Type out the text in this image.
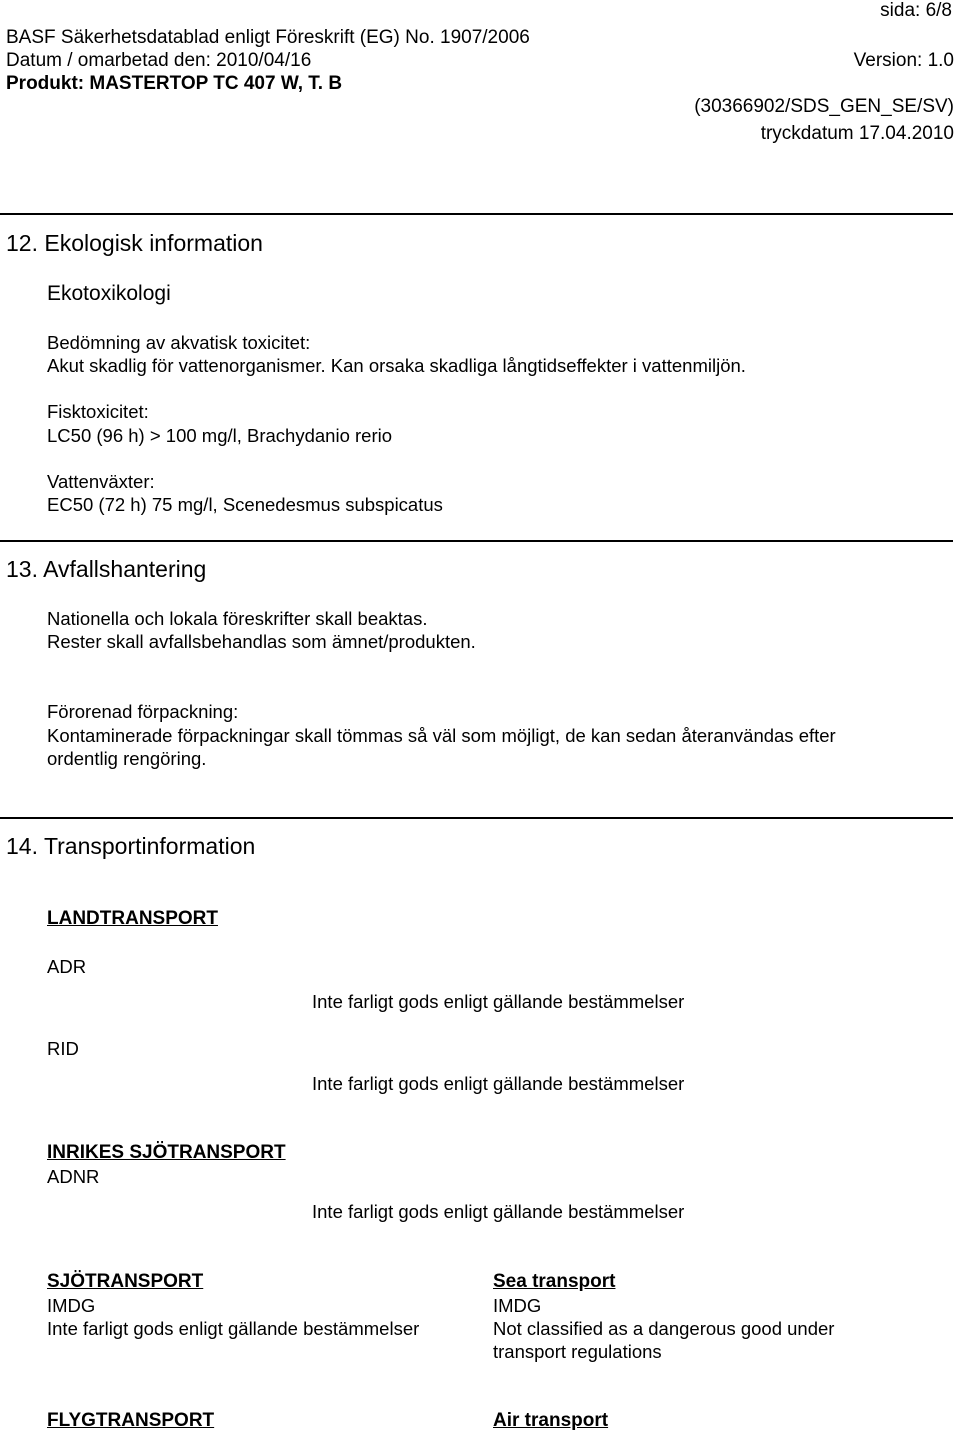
sida: 6/8
BASF Säkerhetsdatablad enligt Föreskrift (EG) No. 1907/2006
Datum / omarbetad den: 2010/04/16	Version: 1.0
Produkt: MASTERTOP TC 407 W, T. B
(30366902/SDS_GEN_SE/SV)
tryckdatum 17.04.2010
12. Ekologisk information
Ekotoxikologi
Bedömning av akvatisk toxicitet:
Akut skadlig för vattenorganismer. Kan orsaka skadliga långtidseffekter i vattenmiljön.
Fisktoxicitet:
LC50 (96 h) > 100 mg/l, Brachydanio rerio
Vattenväxter:
EC50 (72 h) 75 mg/l, Scenedesmus subspicatus
13. Avfallshantering
Nationella och lokala föreskrifter skall beaktas.
Rester skall avfallsbehandlas som ämnet/produkten.
Förorenad förpackning:
Kontaminerade förpackningar skall tömmas så väl som möjligt, de kan sedan återanvändas efter
ordentlig rengöring.
14. Transportinformation
LANDTRANSPORT
ADR
Inte farligt gods enligt gällande bestämmelser
RID
Inte farligt gods enligt gällande bestämmelser
INRIKES SJÖTRANSPORT
ADNR
Inte farligt gods enligt gällande bestämmelser
SJÖTRANSPORT
IMDG
Inte farligt gods enligt gällande bestämmelser
Sea transport
IMDG
Not classified as a dangerous good under
transport regulations
FLYGTRANSPORT	Air transport
